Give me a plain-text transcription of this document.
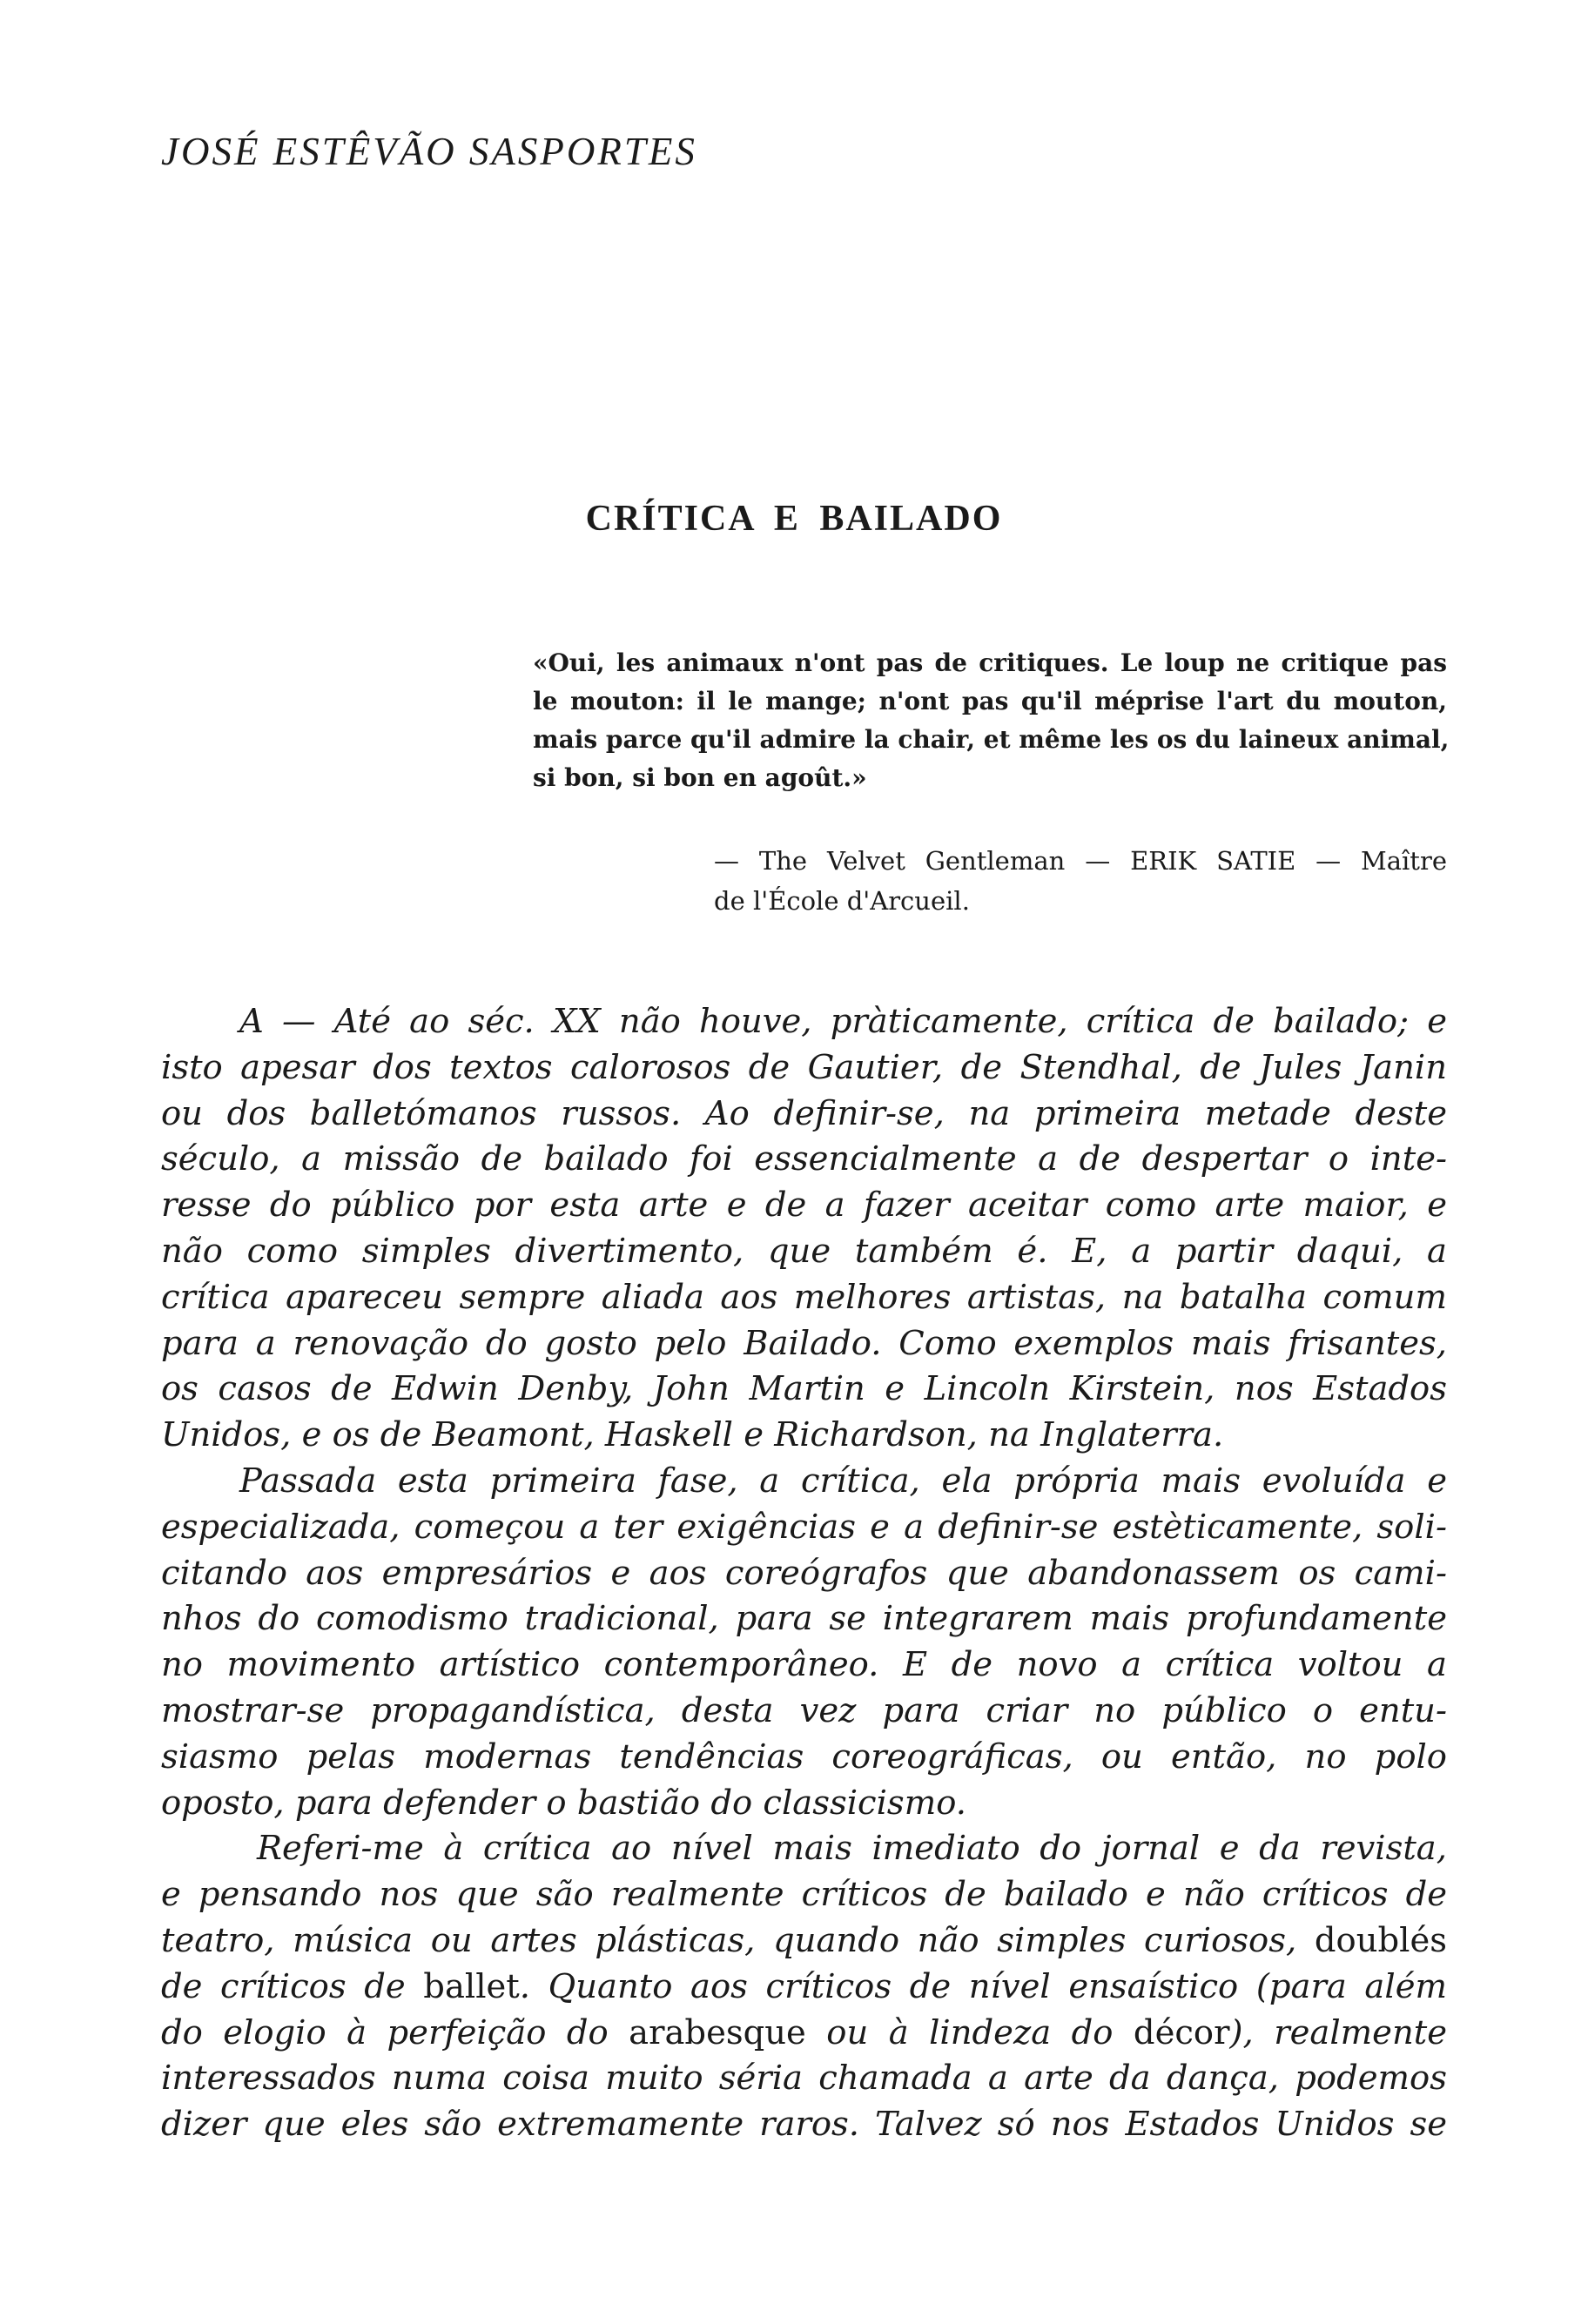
JOSÉ ESTÊVÃO SASPORTES
CRÍTICA E BAILADO
«Oui, les animaux n'ont pas de critiques. Le loup ne critique pas
le mouton: il le mange; n'ont pas qu'il méprise l'art du mouton,
mais parce qu'il admire la chair, et même les os du laineux animal,
si bon, si bon en agoût.»
— The Velvet Gentleman — ERIK SATIE — Maître
de l'École d'Arcueil.
A — Até ao séc. XX não houve, pràticamente, crítica de bailado; e
isto apesar dos textos calorosos de Gautier, de Stendhal, de Jules Janin
ou dos balletómanos russos. Ao definir-se, na primeira metade deste
século, a missão de bailado foi essencialmente a de despertar o inte-
resse do público por esta arte e de a fazer aceitar como arte maior, e
não como simples divertimento, que também é. E, a partir daqui, a
crítica apareceu sempre aliada aos melhores artistas, na batalha comum
para a renovação do gosto pelo Bailado. Como exemplos mais frisantes,
os casos de Edwin Denby, John Martin e Lincoln Kirstein, nos Estados
Unidos, e os de Beamont, Haskell e Richardson, na Inglaterra.
Passada esta primeira fase, a crítica, ela própria mais evoluída e
especializada, começou a ter exigências e a definir-se estèticamente, soli-
citando aos empresários e aos coreógrafos que abandonassem os cami-
nhos do comodismo tradicional, para se integrarem mais profundamente
no movimento artístico contemporâneo. E de novo a crítica voltou a
mostrar-se propagandística, desta vez para criar no público o entu-
siasmo pelas modernas tendências coreográficas, ou então, no polo
oposto, para defender o bastião do classicismo.
Referi-me à crítica ao nível mais imediato do jornal e da revista,
e pensando nos que são realmente críticos de bailado e não críticos de
teatro, música ou artes plásticas, quando não simples curiosos, doublés
de críticos de ballet. Quanto aos críticos de nível ensaístico (para além
do elogio à perfeição do arabesque ou à lindeza do décor), realmente
interessados numa coisa muito séria chamada a arte da dança, podemos
dizer que eles são extremamente raros. Talvez só nos Estados Unidos se
